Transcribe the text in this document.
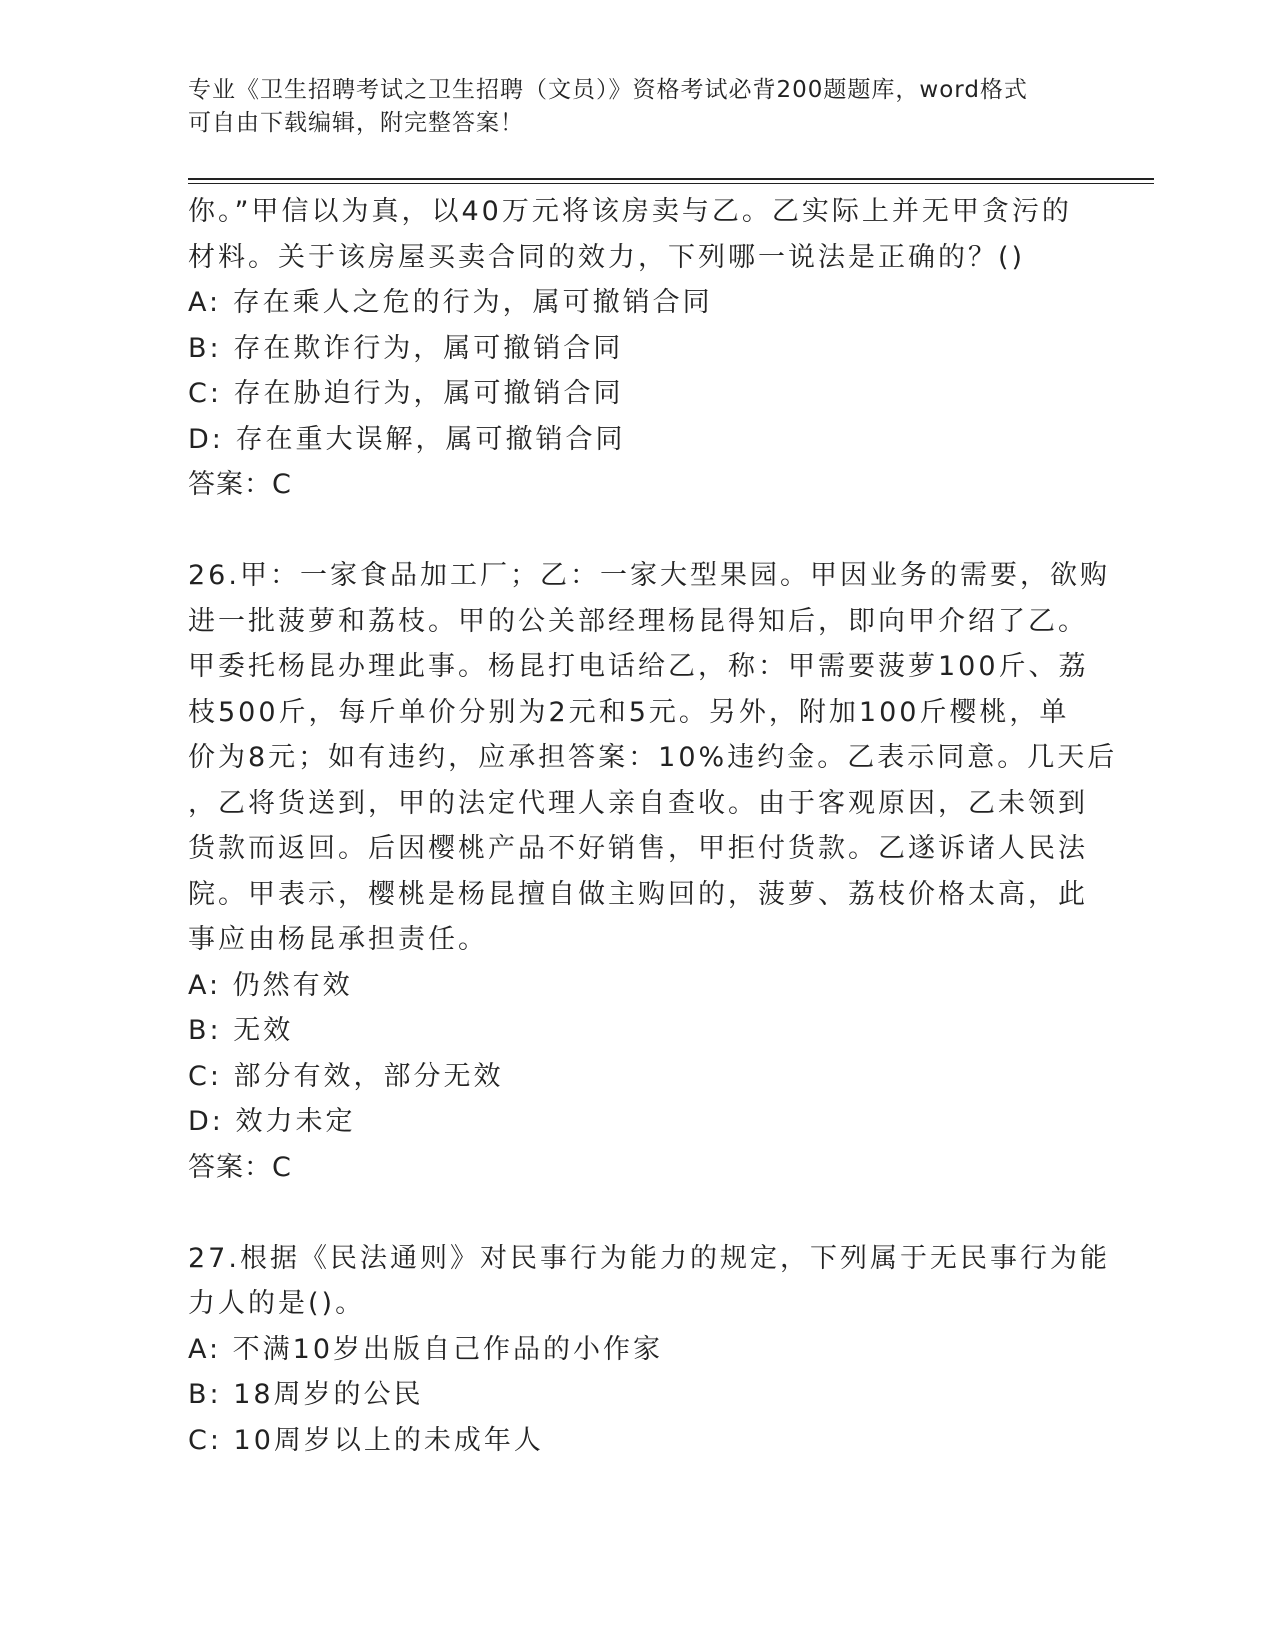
专业《卫生招聘考试之卫生招聘（文员）》资格考试必背200题题库，word格式
可自由下载编辑，附完整答案！
你。”甲信以为真，以40万元将该房卖与乙。乙实际上并无甲贪污的
材料。关于该房屋买卖合同的效力，下列哪一说法是正确的？()
A: 存在乘人之危的行为，属可撤销合同
B: 存在欺诈行为，属可撤销合同
C: 存在胁迫行为，属可撤销合同
D: 存在重大误解，属可撤销合同
答案：C
26.甲：一家食品加工厂；乙：一家大型果园。甲因业务的需要，欲购
进一批菠萝和荔枝。甲的公关部经理杨昆得知后，即向甲介绍了乙。
甲委托杨昆办理此事。杨昆打电话给乙，称：甲需要菠萝100斤、荔
枝500斤，每斤单价分别为2元和5元。另外，附加100斤樱桃，单
价为8元；如有违约，应承担答案：10%违约金。乙表示同意。几天后
，乙将货送到，甲的法定代理人亲自查收。由于客观原因，乙未领到
货款而返回。后因樱桃产品不好销售，甲拒付货款。乙遂诉诸人民法
院。甲表示，樱桃是杨昆擅自做主购回的，菠萝、荔枝价格太高，此
事应由杨昆承担责任。
A: 仍然有效
B: 无效
C: 部分有效，部分无效
D: 效力未定
答案：C
27.根据《民法通则》对民事行为能力的规定，下列属于无民事行为能
力人的是()。
A: 不满10岁出版自己作品的小作家
B: 18周岁的公民
C: 10周岁以上的未成年人
